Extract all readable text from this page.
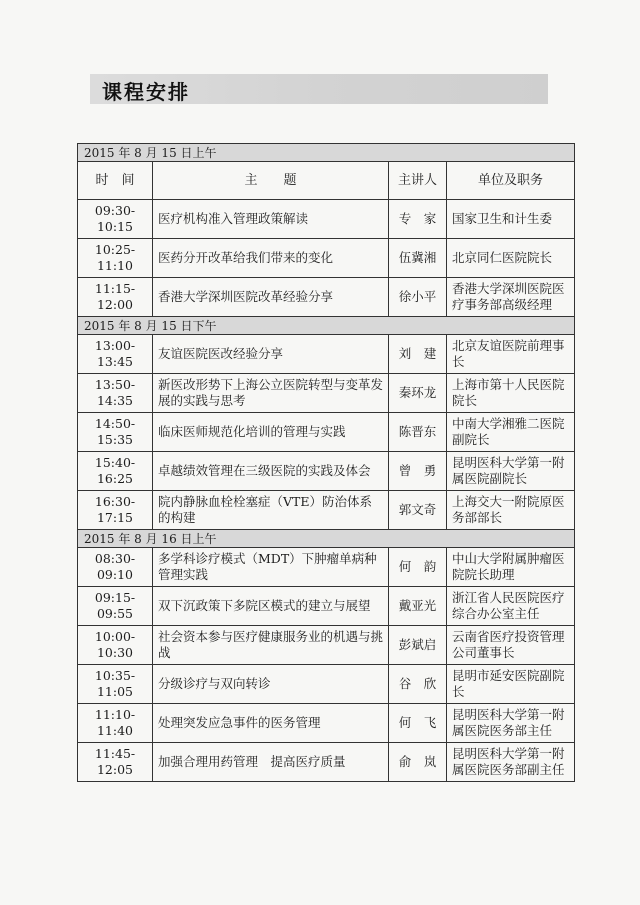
课程安排
2015 年 8 月 15 日上午			
时　间	主　　题	主讲人	单位及职务
09:30-10:15	医疗机构准入管理政策解读	专　家	国家卫生和计生委
10:25-11:10	医药分开改革给我们带来的变化	伍冀湘	北京同仁医院院长
11:15-12:00	香港大学深圳医院改革经验分享	徐小平	香港大学深圳医院医疗事务部高级经理
2015 年 8 月 15 日下午			
13:00-13:45	友谊医院医改经验分享	刘　建	北京友谊医院前理事长
13:50-14:35	新医改形势下上海公立医院转型与变革发展的实践与思考	秦环龙	上海市第十人民医院院长
14:50-15:35	临床医师规范化培训的管理与实践	陈晋东	中南大学湘雅二医院副院长
15:40-16:25	卓越绩效管理在三级医院的实践及体会	曾　勇	昆明医科大学第一附属医院副院长
16:30-17:15	院内静脉血栓栓塞症（VTE）防治体系的构建	郭文奇	上海交大一附院原医务部部长
2015 年 8 月 16 日上午			
08:30-09:10	多学科诊疗模式（MDT）下肿瘤单病种管理实践	何　韵	中山大学附属肿瘤医院院长助理
09:15-09:55	双下沉政策下多院区模式的建立与展望	戴亚光	浙江省人民医院医疗综合办公室主任
10:00-10:30	社会资本参与医疗健康服务业的机遇与挑战	彭斌启	云南省医疗投资管理公司董事长
10:35-11:05	分级诊疗与双向转诊	谷　欣	昆明市延安医院副院长
11:10-11:40	处理突发应急事件的医务管理	何　飞	昆明医科大学第一附属医院医务部主任
11:45-12:05	加强合理用药管理　提高医疗质量	俞　岚	昆明医科大学第一附属医院医务部副主任
